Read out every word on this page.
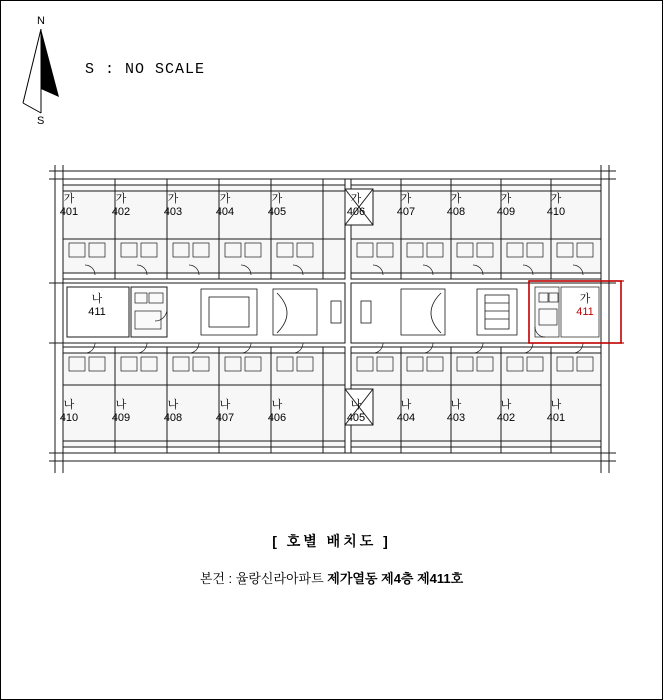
N
S
S : NO SCALE
가
401
가
402
가
403
가
404
가
405
가
406
가
407
가
408
가
409
가
410
나
411
가
411
나
410
나
409
나
408
나
407
나
406
나
405
나
404
나
403
나
402
나
401
[ 호별 배치도 ]
본건 : 율랑신라아파트 제가열동 제4층 제411호
